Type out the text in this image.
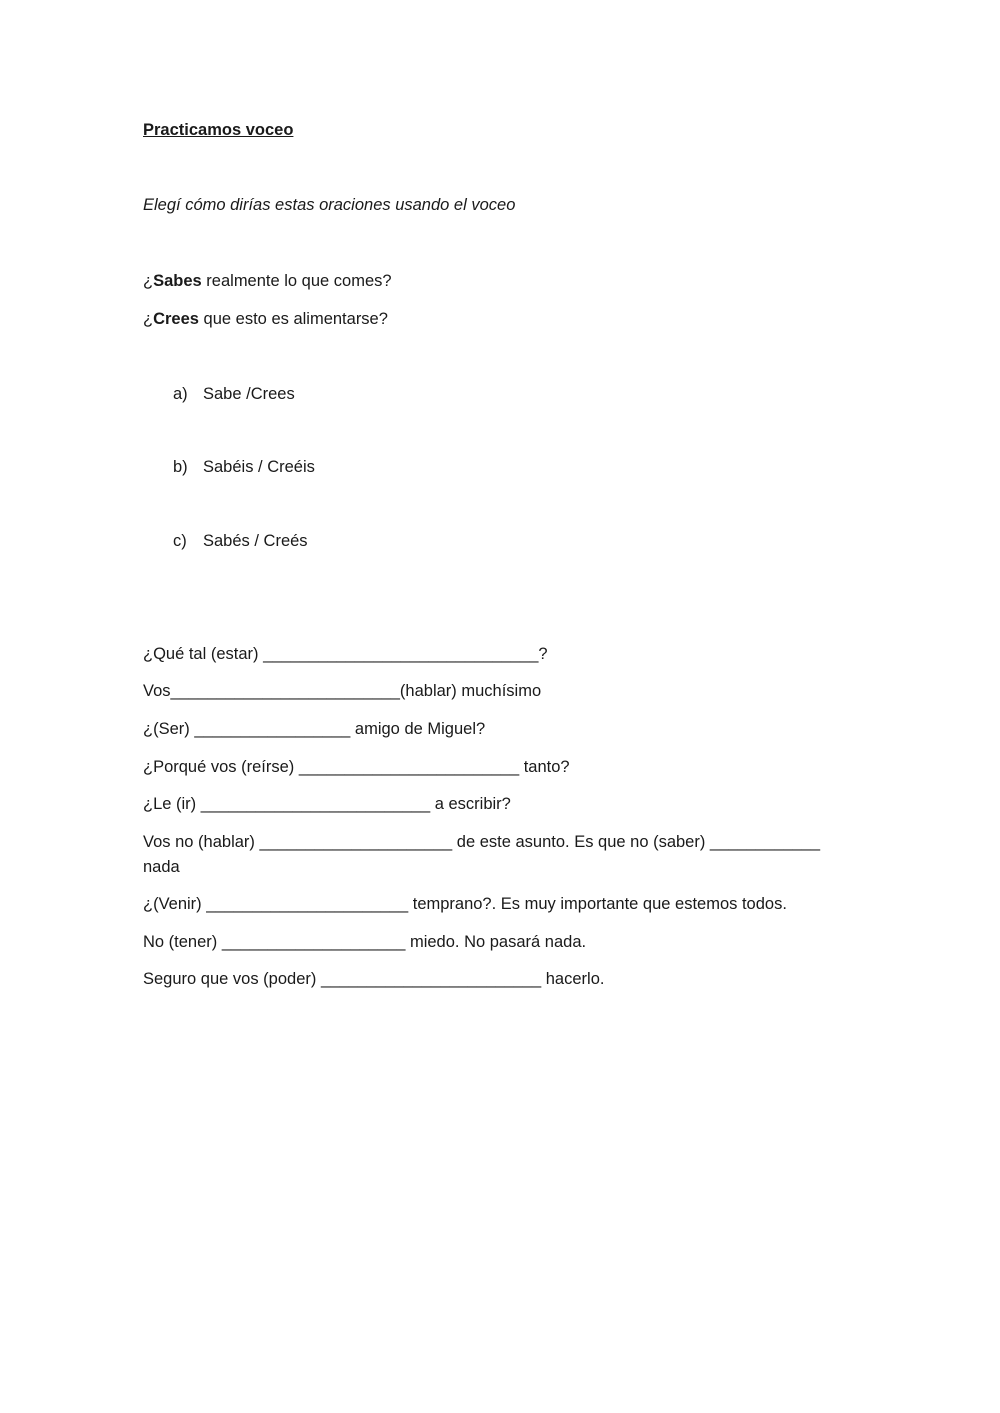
Practicamos voceo
Elegí cómo dirías estas oraciones usando el voceo
¿Sabes realmente lo que comes?
¿Crees que esto es alimentarse?
a) Sabe /Crees
b) Sabéis / Creéis
c) Sabés / Creés
¿Qué tal (estar) ______________________________?
Vos_________________________(hablar) muchísimo
¿(Ser) _________________ amigo de Miguel?
¿Porqué vos (reírse) ________________________ tanto?
¿Le (ir) _________________________ a escribir?
Vos no (hablar) _____________________ de este asunto. Es que no (saber) ____________
nada
¿(Venir) ______________________ temprano?. Es muy importante que estemos todos.
No (tener) ____________________ miedo. No pasará nada.
Seguro que vos (poder) ________________________ hacerlo.
